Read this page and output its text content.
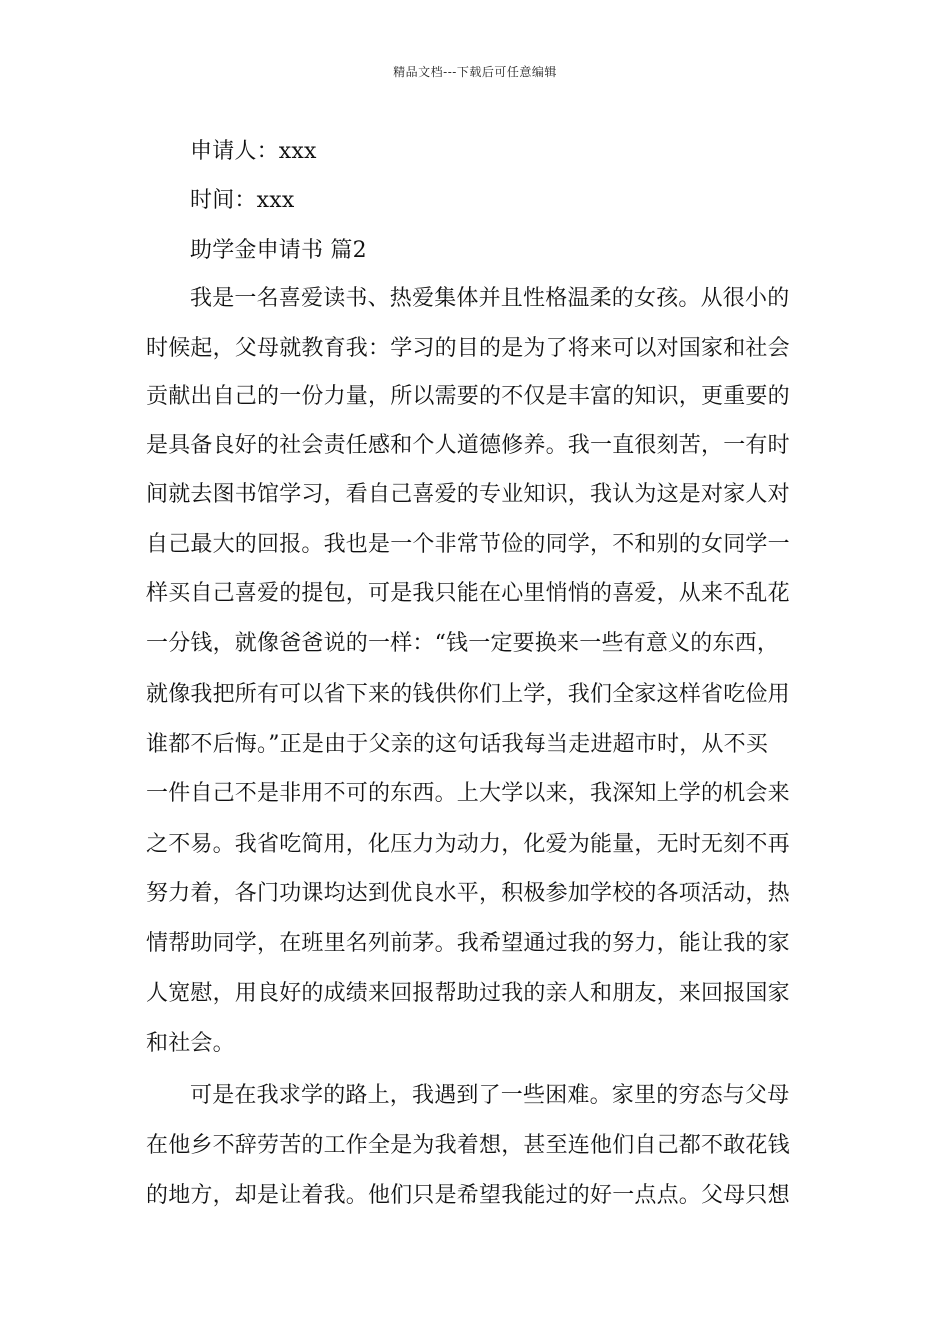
精品文档---下载后可任意编辑
申请人：xxx
时间：xxx
助学金申请书 篇2
我是一名喜爱读书、热爱集体并且性格温柔的女孩。从很小的
时候起，父母就教育我：学习的目的是为了将来可以对国家和社会
贡献出自己的一份力量，所以需要的不仅是丰富的知识，更重要的
是具备良好的社会责任感和个人道德修养。我一直很刻苦，一有时
间就去图书馆学习，看自己喜爱的专业知识，我认为这是对家人对
自己最大的回报。我也是一个非常节俭的同学，不和别的女同学一
样买自己喜爱的提包，可是我只能在心里悄悄的喜爱，从来不乱花
一分钱，就像爸爸说的一样：“钱一定要换来一些有意义的东西，
就像我把所有可以省下来的钱供你们上学，我们全家这样省吃俭用
谁都不后悔。”正是由于父亲的这句话我每当走进超市时，从不买
一件自己不是非用不可的东西。上大学以来，我深知上学的机会来
之不易。我省吃简用，化压力为动力，化爱为能量，无时无刻不再
努力着，各门功课均达到优良水平，积极参加学校的各项活动，热
情帮助同学，在班里名列前茅。我希望通过我的努力，能让我的家
人宽慰，用良好的成绩来回报帮助过我的亲人和朋友，来回报国家
和社会。
可是在我求学的路上，我遇到了一些困难。家里的穷态与父母
在他乡不辞劳苦的工作全是为我着想，甚至连他们自己都不敢花钱
的地方，却是让着我。他们只是希望我能过的好一点点。父母只想
